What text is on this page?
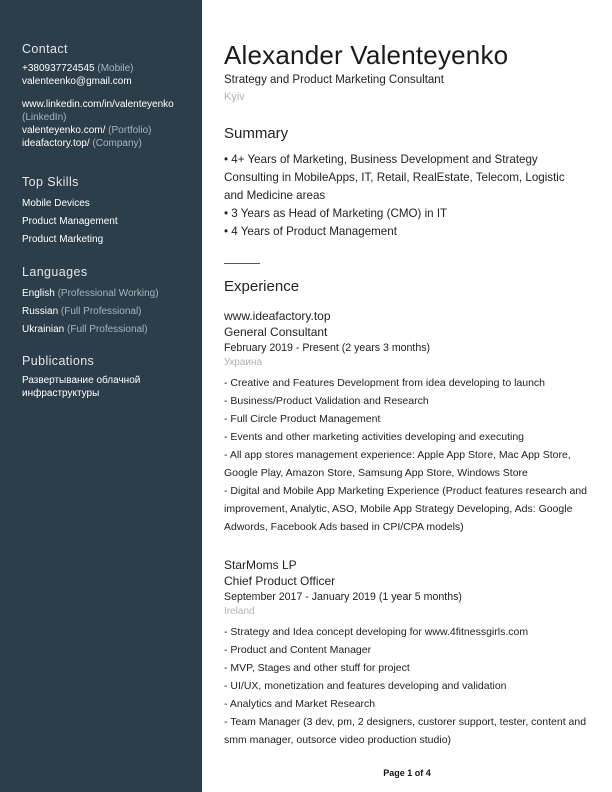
Contact
+380937724545 (Mobile)
valenteenko@gmail.com
www.linkedin.com/in/valenteyenko (LinkedIn)
valenteyenko.com/ (Portfolio)
ideafactory.top/ (Company)
Top Skills
Mobile Devices
Product Management
Product Marketing
Languages
English (Professional Working)
Russian (Full Professional)
Ukrainian (Full Professional)
Publications
Развертывание облачной инфраструктуры
Alexander Valenteyenko
Strategy and Product Marketing Consultant
Kyiv
Summary
• 4+ Years of Marketing, Business Development and Strategy Consulting in MobileApps, IT, Retail, RealEstate, Telecom, Logistic and Medicine areas
• 3 Years as Head of Marketing (CMO) in IT
• 4 Years of Product Management
Experience
www.ideafactory.top
General Consultant
February 2019 - Present (2 years 3 months)
Украина
- Creative and Features Development from idea developing to launch
- Business/Product Validation and Research
- Full Circle Product Management
- Events and other marketing activities developing and executing
- All app stores management experience: Apple App Store, Mac App Store, Google Play, Amazon Store, Samsung App Store, Windows Store
- Digital and Mobile App Marketing Experience (Product features research and improvement, Analytic, ASO, Mobile App Strategy Developing, Ads: Google Adwords, Facebook Ads based in CPI/CPA models)
StarMoms LP
Chief Product Officer
September 2017 - January 2019 (1 year 5 months)
Ireland
- Strategy and Idea concept developing for www.4fitnessgirls.com
- Product and Content Manager
- MVP, Stages and other stuff for project
- UI/UX, monetization and features developing and validation
- Analytics and Market Research
- Team Manager (3 dev, pm, 2 designers, custorer support, tester, content and smm manager, outsorce video production studio)
Page 1 of 4
